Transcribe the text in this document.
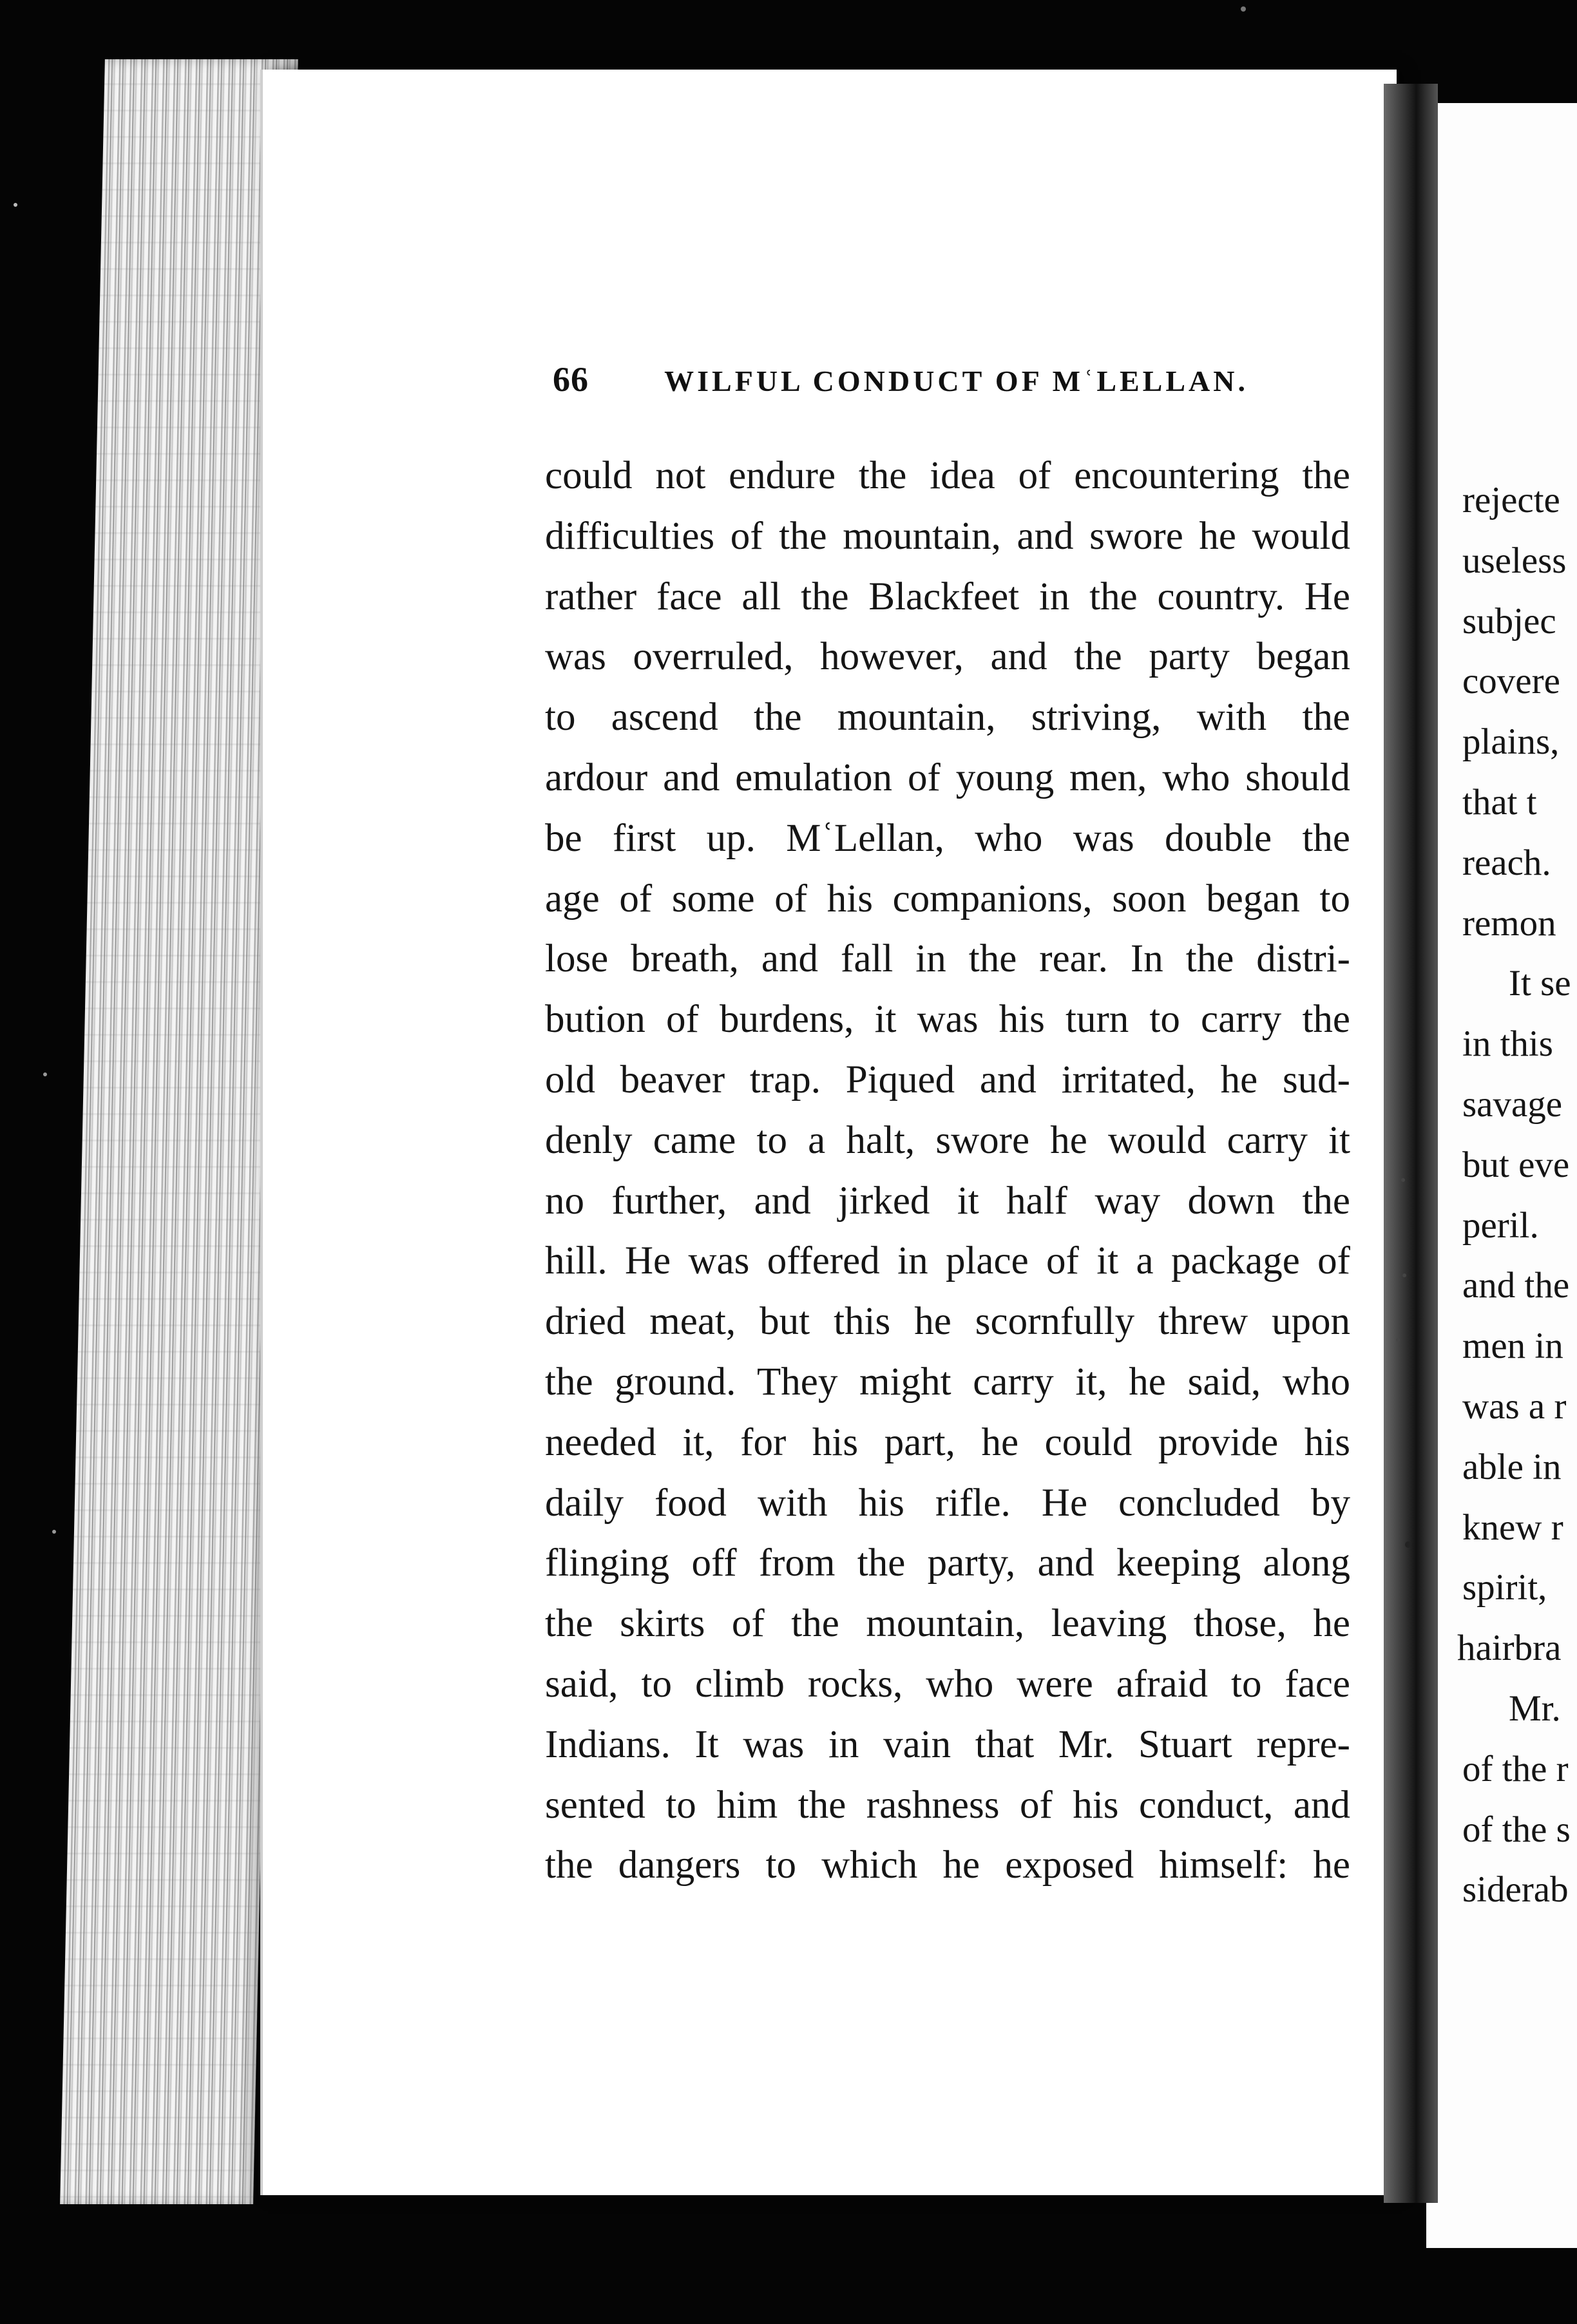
66	WILFUL CONDUCT OF MʿLELLAN.
could not endure the idea of encountering the
difficulties of the mountain, and swore he would
rather face all the Blackfeet in the country. He
was overruled, however, and the party began
to ascend the mountain, striving, with the
ardour and emulation of young men, who should
be first up. MʿLellan, who was double the
age of some of his companions, soon began to
lose breath, and fall in the rear. In the distri-
bution of burdens, it was his turn to carry the
old beaver trap. Piqued and irritated, he sud-
denly came to a halt, swore he would carry it
no further, and jirked it half way down the
hill. He was offered in place of it a package of
dried meat, but this he scornfully threw upon
the ground. They might carry it, he said, who
needed it, for his part, he could provide his
daily food with his rifle. He concluded by
flinging off from the party, and keeping along
the skirts of the mountain, leaving those, he
said, to climb rocks, who were afraid to face
Indians. It was in vain that Mr. Stuart repre-
sented to him the rashness of his conduct, and
the dangers to which he exposed himself: he
rejecte
useless
subjec
covere
plains,
that t
reach.
remon
It se
in this
savage
but eve
peril.
and the
men in
was a r
able in
knew r
spirit,
hairbra
Mr.
of the r
of the s
siderab
